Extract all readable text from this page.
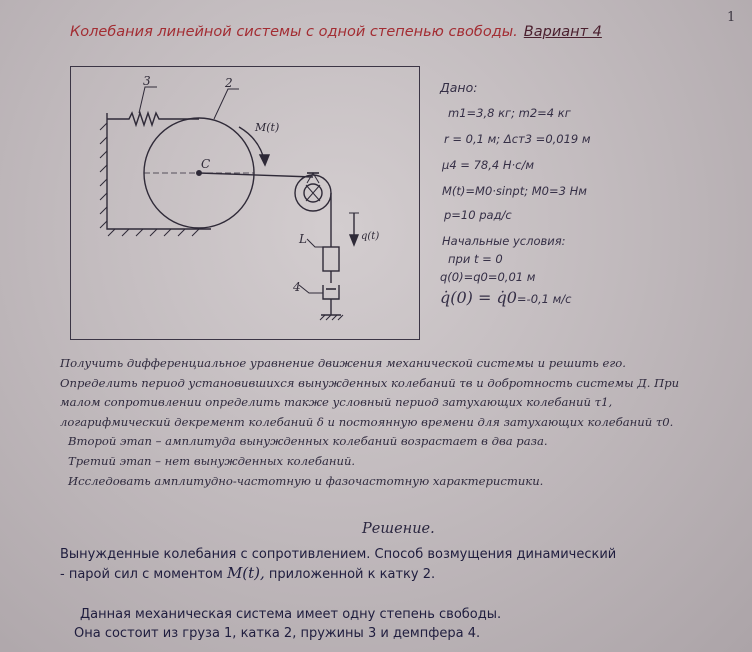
1
Колебания линейной системы с одной степенью свободы. Вариант 4
3	2
C
M(t)
q(t)
L
4
Дано:
m1=3,8 кг; m2=4 кг
r = 0,1 м; Δст3 =0,019 м
μ4 = 78,4 Н·с/м
M(t)=M0·sinpt; M0=3 Нм
p=10 рад/с
Начальные условия:
при t = 0
q(0)=q0=0,01 м
q̇(0) = q̇0=-0,1 м/с

Получить дифференциальное уравнение движения механической системы и решить его.

Определить период установившихся вынужденных колебаний τв и добротность системы Д. При

малом сопротивлении определить также условный период затухающих колебаний τ1,

логарифмический декремент колебаний δ и постоянную времени для затухающих колебаний τ0.

Второй этап – амплитуда вынужденных колебаний возрастает в два раза.

Третий этап – нет вынужденных колебаний.

Исследовать амплитудно-частотную и фазочастотную характеристики.

Решение.

Вынужденные колебания с сопротивлением. Способ возмущения динамический

- парой сил с моментом M(t), приложенной к катку 2.

Данная механическая система имеет одну степень свободы.

Она состоит из груза 1, катка 2, пружины 3 и демпфера 4.
